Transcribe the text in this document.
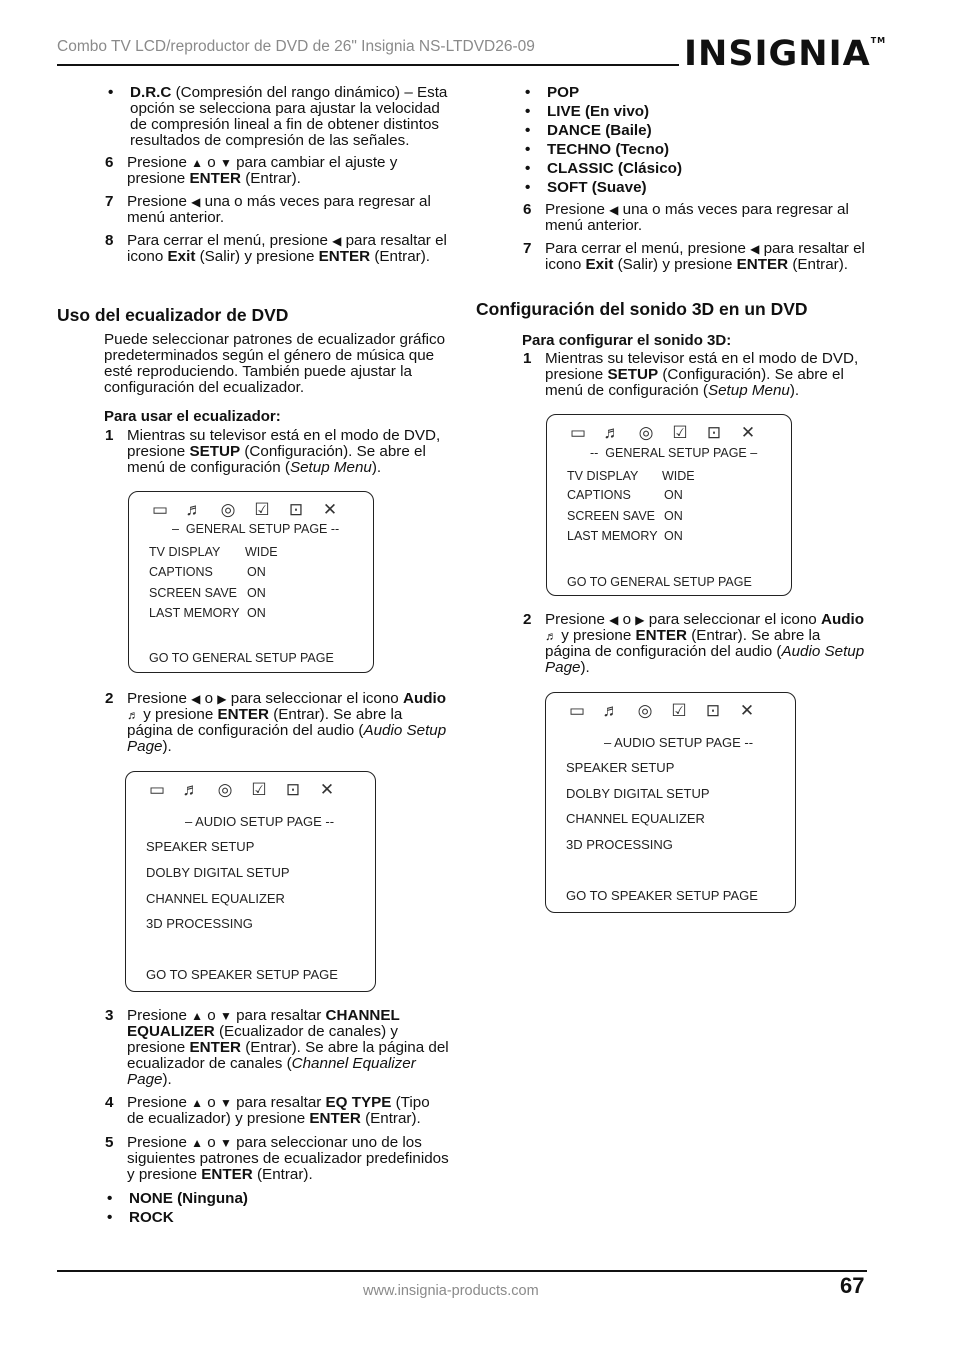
Combo TV LCD/reproductor de DVD de 26" Insignia NS-LTDVD26-09	INSIGNIA™
• D.R.C (Compresión del rango dinámico) – Esta opción se selecciona para ajustar la velocidad de compresión lineal a fin de obtener distintos resultados de compresión de las señales.
6 Presione ▲ o ▼ para cambiar el ajuste y presione ENTER (Entrar).
7 Presione ◀ una o más veces para regresar al menú anterior.
8 Para cerrar el menú, presione ◀ para resaltar el icono Exit (Salir) y presione ENTER (Entrar).
Uso del ecualizador de DVD
Puede seleccionar patrones de ecualizador gráfico predeterminados según el género de música que esté reproduciendo. También puede ajustar la configuración del ecualizador.
Para usar el ecualizador:
1 Mientras su televisor está en el modo de DVD, presione SETUP (Configuración). Se abre el menú de configuración (Setup Menu).
▭ ♬ ◎ ☑ ⊡ ✕
–  GENERAL SETUP PAGE --
TV DISPLAY WIDE
CAPTIONS	ON
SCREEN SAVE ON
LAST MEMORY ON
GO TO GENERAL SETUP PAGE
2 Presione ◀ o ▶ para seleccionar el icono Audio ♬ y presione ENTER (Entrar). Se abre la página de configuración del audio (Audio Setup Page).
▭ ♬ ◎ ☑ ⊡ ✕
– AUDIO SETUP PAGE --
SPEAKER SETUP
DOLBY DIGITAL SETUP
CHANNEL EQUALIZER
3D PROCESSING
GO TO SPEAKER SETUP PAGE
3 Presione ▲ o ▼ para resaltar CHANNEL EQUALIZER (Ecualizador de canales) y presione ENTER (Entrar). Se abre la página del ecualizador de canales (Channel Equalizer Page).
4 Presione ▲ o ▼ para resaltar EQ TYPE (Tipo de ecualizador) y presione ENTER (Entrar).
5 Presione ▲ o ▼ para seleccionar uno de los siguientes patrones de ecualizador predefinidos y presione ENTER (Entrar).
• NONE (Ninguna)
• ROCK
• POP
• LIVE (En vivo)
• DANCE (Baile)
• TECHNO (Tecno)
• CLASSIC (Clásico)
• SOFT (Suave)
6 Presione ◀ una o más veces para regresar al menú anterior.
7 Para cerrar el menú, presione ◀ para resaltar el icono Exit (Salir) y presione ENTER (Entrar).
Configuración del sonido 3D en un DVD
Para configurar el sonido 3D:
1 Mientras su televisor está en el modo de DVD, presione SETUP (Configuración). Se abre el menú de configuración (Setup Menu).
▭ ♬ ◎ ☑ ⊡ ✕
--  GENERAL SETUP PAGE –
TV DISPLAY WIDE
CAPTIONS	ON
SCREEN SAVE ON
LAST MEMORY ON
GO TO GENERAL SETUP PAGE
2 Presione ◀ o ▶ para seleccionar el icono Audio ♬ y presione ENTER (Entrar). Se abre la página de configuración del audio (Audio Setup Page).
▭ ♬ ◎ ☑ ⊡ ✕
– AUDIO SETUP PAGE --
SPEAKER SETUP
DOLBY DIGITAL SETUP
CHANNEL EQUALIZER
3D PROCESSING
GO TO SPEAKER SETUP PAGE
www.insignia-products.com	67
